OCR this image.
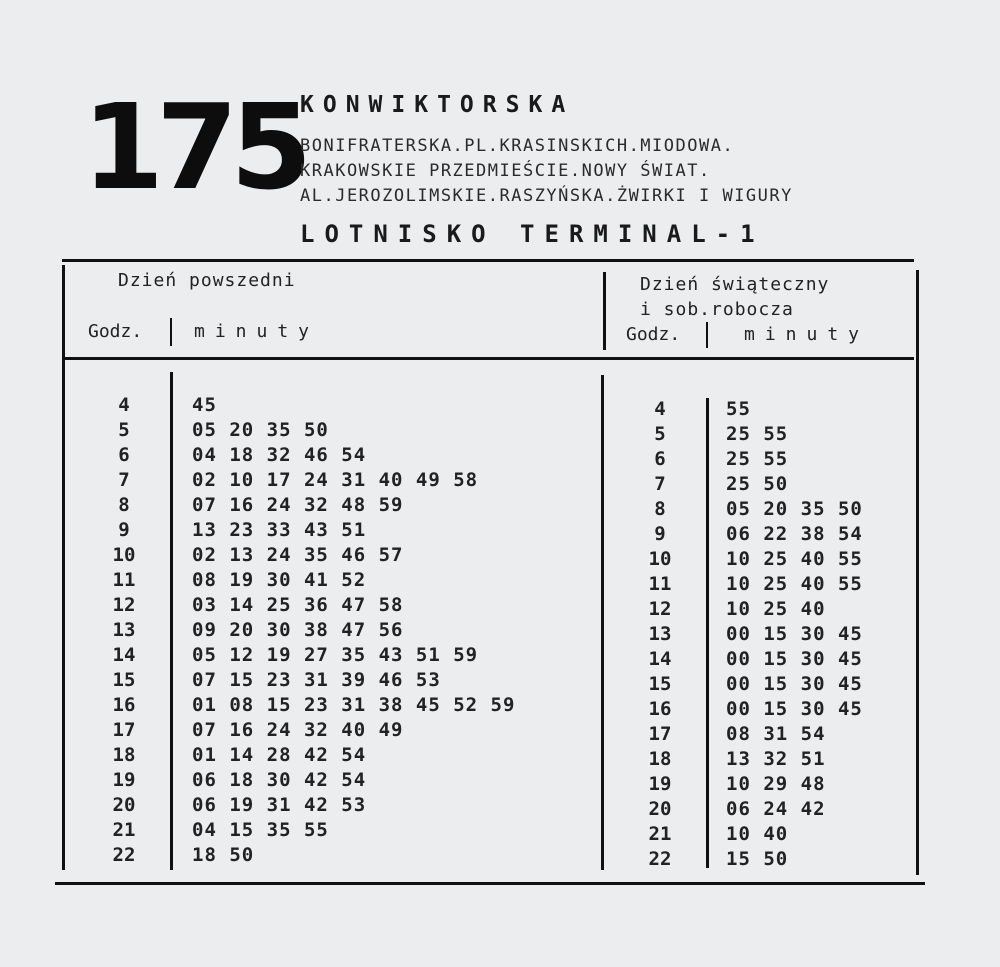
175
KONWIKTORSKA
BONIFRATERSKA.PL.KRASINSKICH.MIODOWA.
KRAKOWSKIE PRZEDMIEŚCIE.NOWY ŚWIAT.
AL.JEROZOLIMSKIE.RASZYŃSKA.ŻWIRKI I WIGURY
LOTNISKO TERMINAL-1
Dzień powszedni
Godz.	minuty
Dzień świąteczny
i sob.robocza
Godz.	minuty
4
5
6
7
8
9
10
11
12
13
14
15
16
17
18
19
20
21
22
45
05 20 35 50
04 18 32 46 54
02 10 17 24 31 40 49 58
07 16 24 32 48 59
13 23 33 43 51
02 13 24 35 46 57
08 19 30 41 52
03 14 25 36 47 58
09 20 30 38 47 56
05 12 19 27 35 43 51 59
07 15 23 31 39 46 53
01 08 15 23 31 38 45 52 59
07 16 24 32 40 49
01 14 28 42 54
06 18 30 42 54
06 19 31 42 53
04 15 35 55
18 50
4
5
6
7
8
9
10
11
12
13
14
15
16
17
18
19
20
21
22
55
25 55
25 55
25 50
05 20 35 50
06 22 38 54
10 25 40 55
10 25 40 55
10 25 40
00 15 30 45
00 15 30 45
00 15 30 45
00 15 30 45
08 31 54
13 32 51
10 29 48
06 24 42
10 40
15 50
